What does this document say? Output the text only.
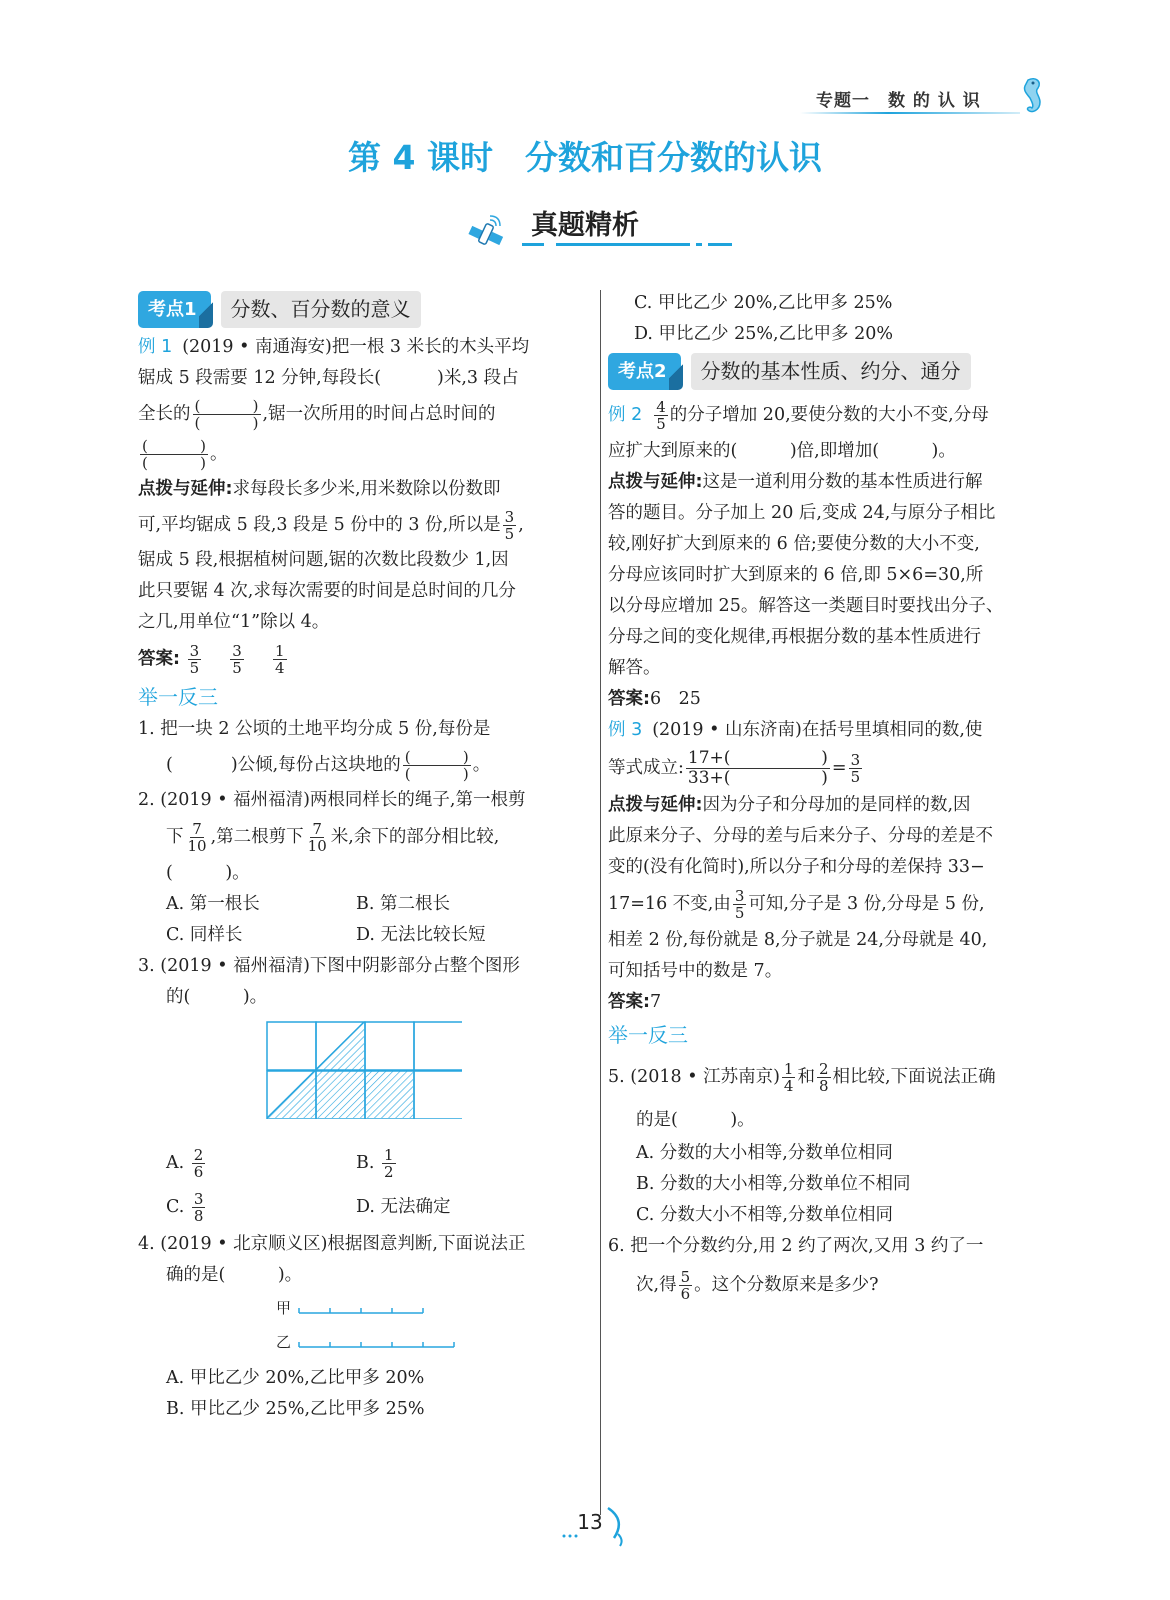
专题一 数 的 认 识
第 4 课时 分数和百分数的认识
真题精析
考点1	分数、百分数的意义
例 1 (2019 • 南通海安)把一根 3 米长的木头平均
锯成 5 段需要 12 分钟,每段长(	)米,3 段占
全长的 (	)
(	) ,锯一次所用的时间占总时间的
(	)
(	) 。
点拨与延伸:求每段长多少米,用米数除以份数即
可,平均锯成 5 段,3 段是 5 份中的 3 份,所以是 $\frac{3}{5}$ ,
锯成 5 段,根据植树问题,锯的次数比段数少 1,因
此只要锯 4 次,求每次需要的时间是总时间的几分
之几,用单位“1”除以 4。
答案: $\frac{3}{5}$
$\frac{3}{5}$
$\frac{1}{4}$
举一反三
1. 把一块 2 公顷的土地平均分成 5 份,每份是
(	)公倾,每份占这块地的 (	)
(	) 。
2. (2019 • 福州福清)两根同样长的绳子,第一根剪
下 $\frac{7}{10}$ ,第二根剪下 $\frac{7}{10}$ 米,余下的部分相比较,
(　　　)。
A. 第一根长	B. 第二根长
C. 同样长	D. 无法比较长短
3. (2019 • 福州福清)下图中阴影部分占整个图形
的(　　　)。
A. $\frac{2}{6}$	B. $\frac{1}{2}$
C. $\frac{3}{8}$	D. 无法确定
4. (2019 • 北京顺义区)根据图意判断,下面说法正
确的是(　　　)。
甲
乙
A. 甲比乙少 20%,乙比甲多 20%
B. 甲比乙少 25%,乙比甲多 25%
C. 甲比乙少 20%,乙比甲多 25%
D. 甲比乙少 25%,乙比甲多 20%
考点2	分数的基本性质、约分、通分
例 $2 \frac{4}{5}$ 的分子增加 20,要使分数的大小不变,分母
应扩大到原来的(　　　)倍,即增加(　　　)。
点拨与延伸:这是一道利用分数的基本性质进行解
答的题目。分子加上 20 后,变成 24,与原分子相比
较,刚好扩大到原来的 6 倍;要使分数的大小不变,
分母应该同时扩大到原来的 6 倍,即 5×6=30,所
以分母应增加 25。解答这一类题目时要找出分子、
分母之间的变化规律,再根据分数的基本性质进行
解答。
答案:6　25
例 3 (2019 • 山东济南)在括号里填相同的数,使
等式成立: 17+(	)
33+(	) = $\frac{3}{5}$
点拨与延伸:因为分子和分母加的是同样的数,因
此原来分子、分母的差与后来分子、分母的差是不
变的(没有化简时),所以分子和分母的差保持 33−
17=16 不变,由 $\frac{3}{5}$ 可知,分子是 3 份,分母是 5 份,
相差 2 份,每份就是 8,分子就是 24,分母就是 40,
可知括号中的数是 7。
答案:7
举一反三
5. (2018 • 江苏南京) $\frac{1}{4}$ 和 $\frac{2}{8}$ 相比较,下面说法正确
的是(　　　)。
A. 分数的大小相等,分数单位相同
B. 分数的大小相等,分数单位不相同
C. 分数大小不相等,分数单位相同
6. 把一个分数约分,用 2 约了两次,又用 3 约了一
次,得 $\frac{5}{6}$ 。这个分数原来是多少?
13
